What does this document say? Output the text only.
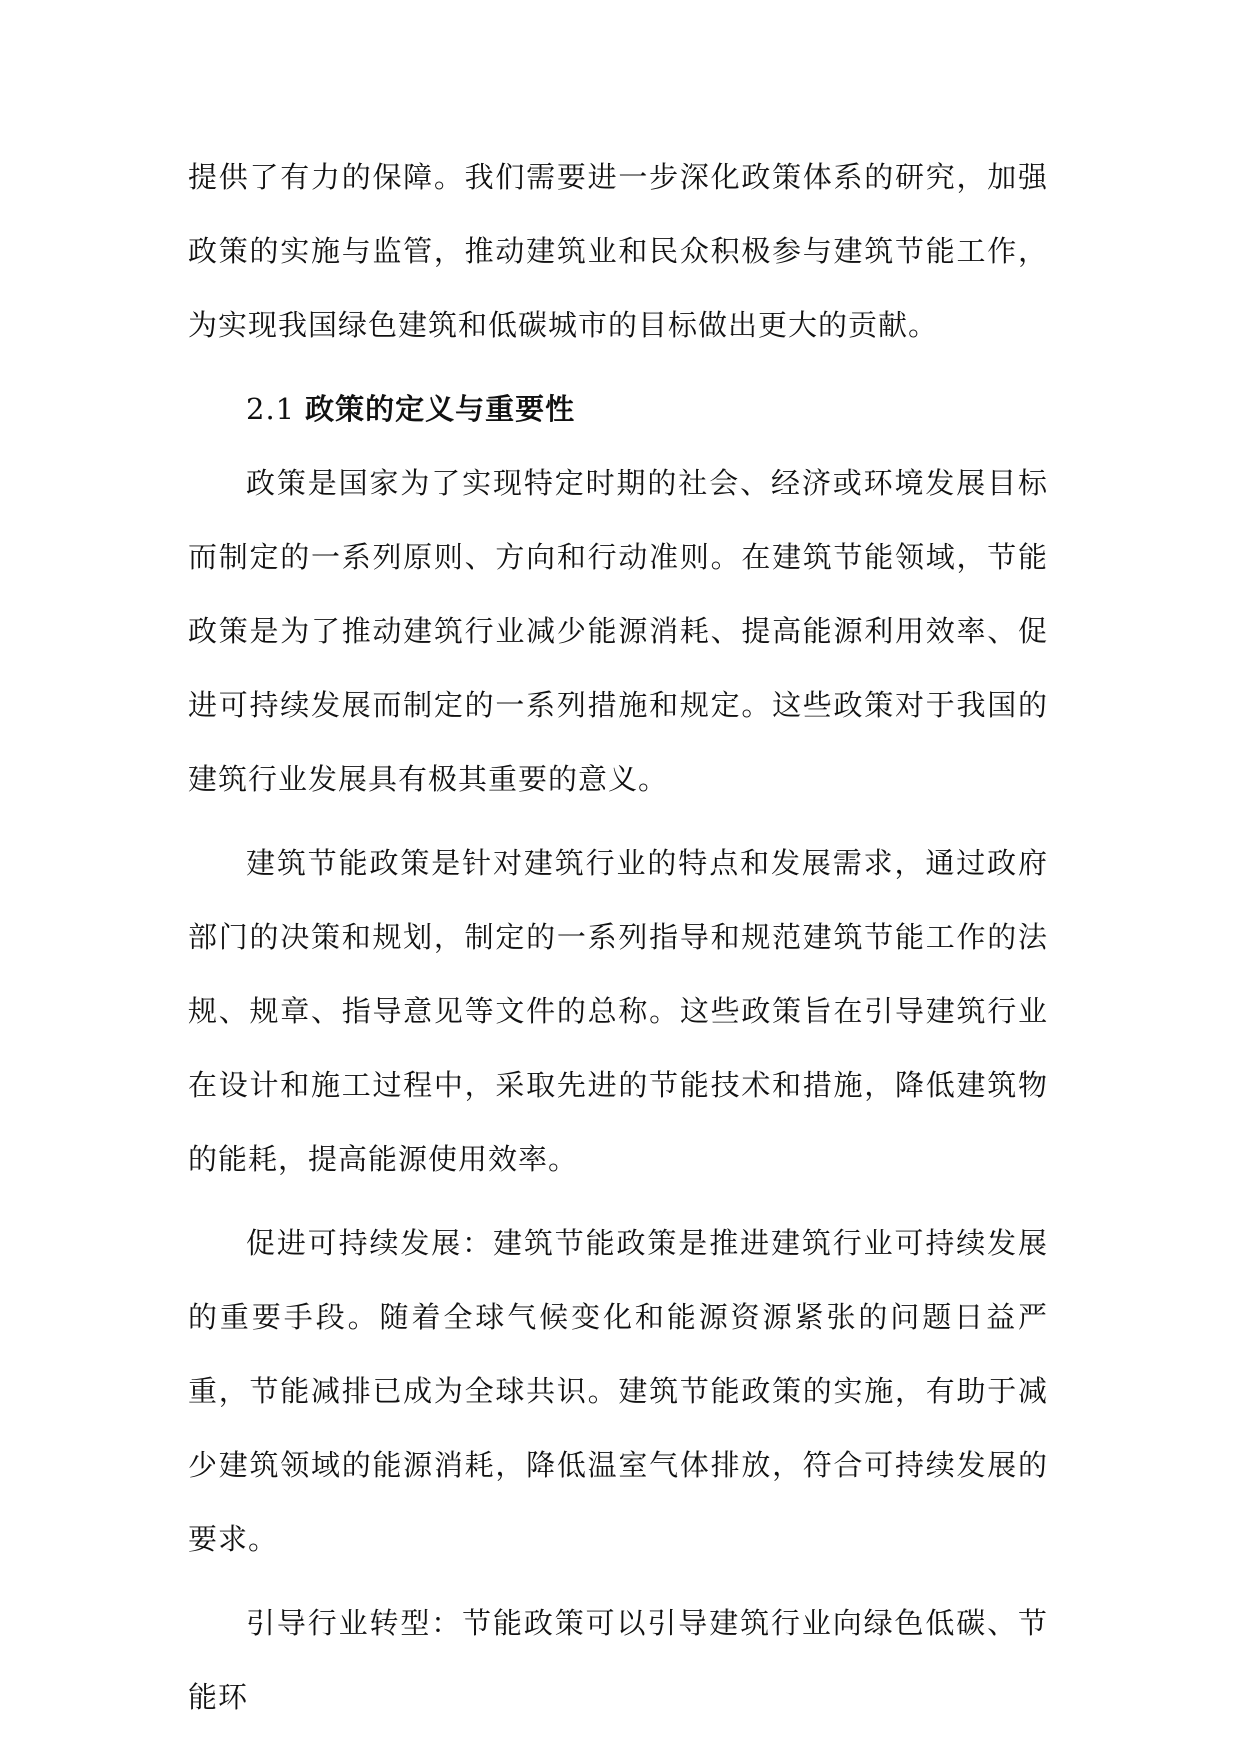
提供了有力的保障。我们需要进一步深化政策体系的研究，加强政策的实施与监管，推动建筑业和民众积极参与建筑节能工作，为实现我国绿色建筑和低碳城市的目标做出更大的贡献。

2.1 政策的定义与重要性

政策是国家为了实现特定时期的社会、经济或环境发展目标而制定的一系列原则、方向和行动准则。在建筑节能领域，节能政策是为了推动建筑行业减少能源消耗、提高能源利用效率、促进可持续发展而制定的一系列措施和规定。这些政策对于我国的建筑行业发展具有极其重要的意义。

建筑节能政策是针对建筑行业的特点和发展需求，通过政府部门的决策和规划，制定的一系列指导和规范建筑节能工作的法规、规章、指导意见等文件的总称。这些政策旨在引导建筑行业在设计和施工过程中，采取先进的节能技术和措施，降低建筑物的能耗，提高能源使用效率。

促进可持续发展：建筑节能政策是推进建筑行业可持续发展的重要手段。随着全球气候变化和能源资源紧张的问题日益严重，节能减排已成为全球共识。建筑节能政策的实施，有助于减少建筑领域的能源消耗，降低温室气体排放，符合可持续发展的要求。

引导行业转型：节能政策可以引导建筑行业向绿色低碳、节能环
